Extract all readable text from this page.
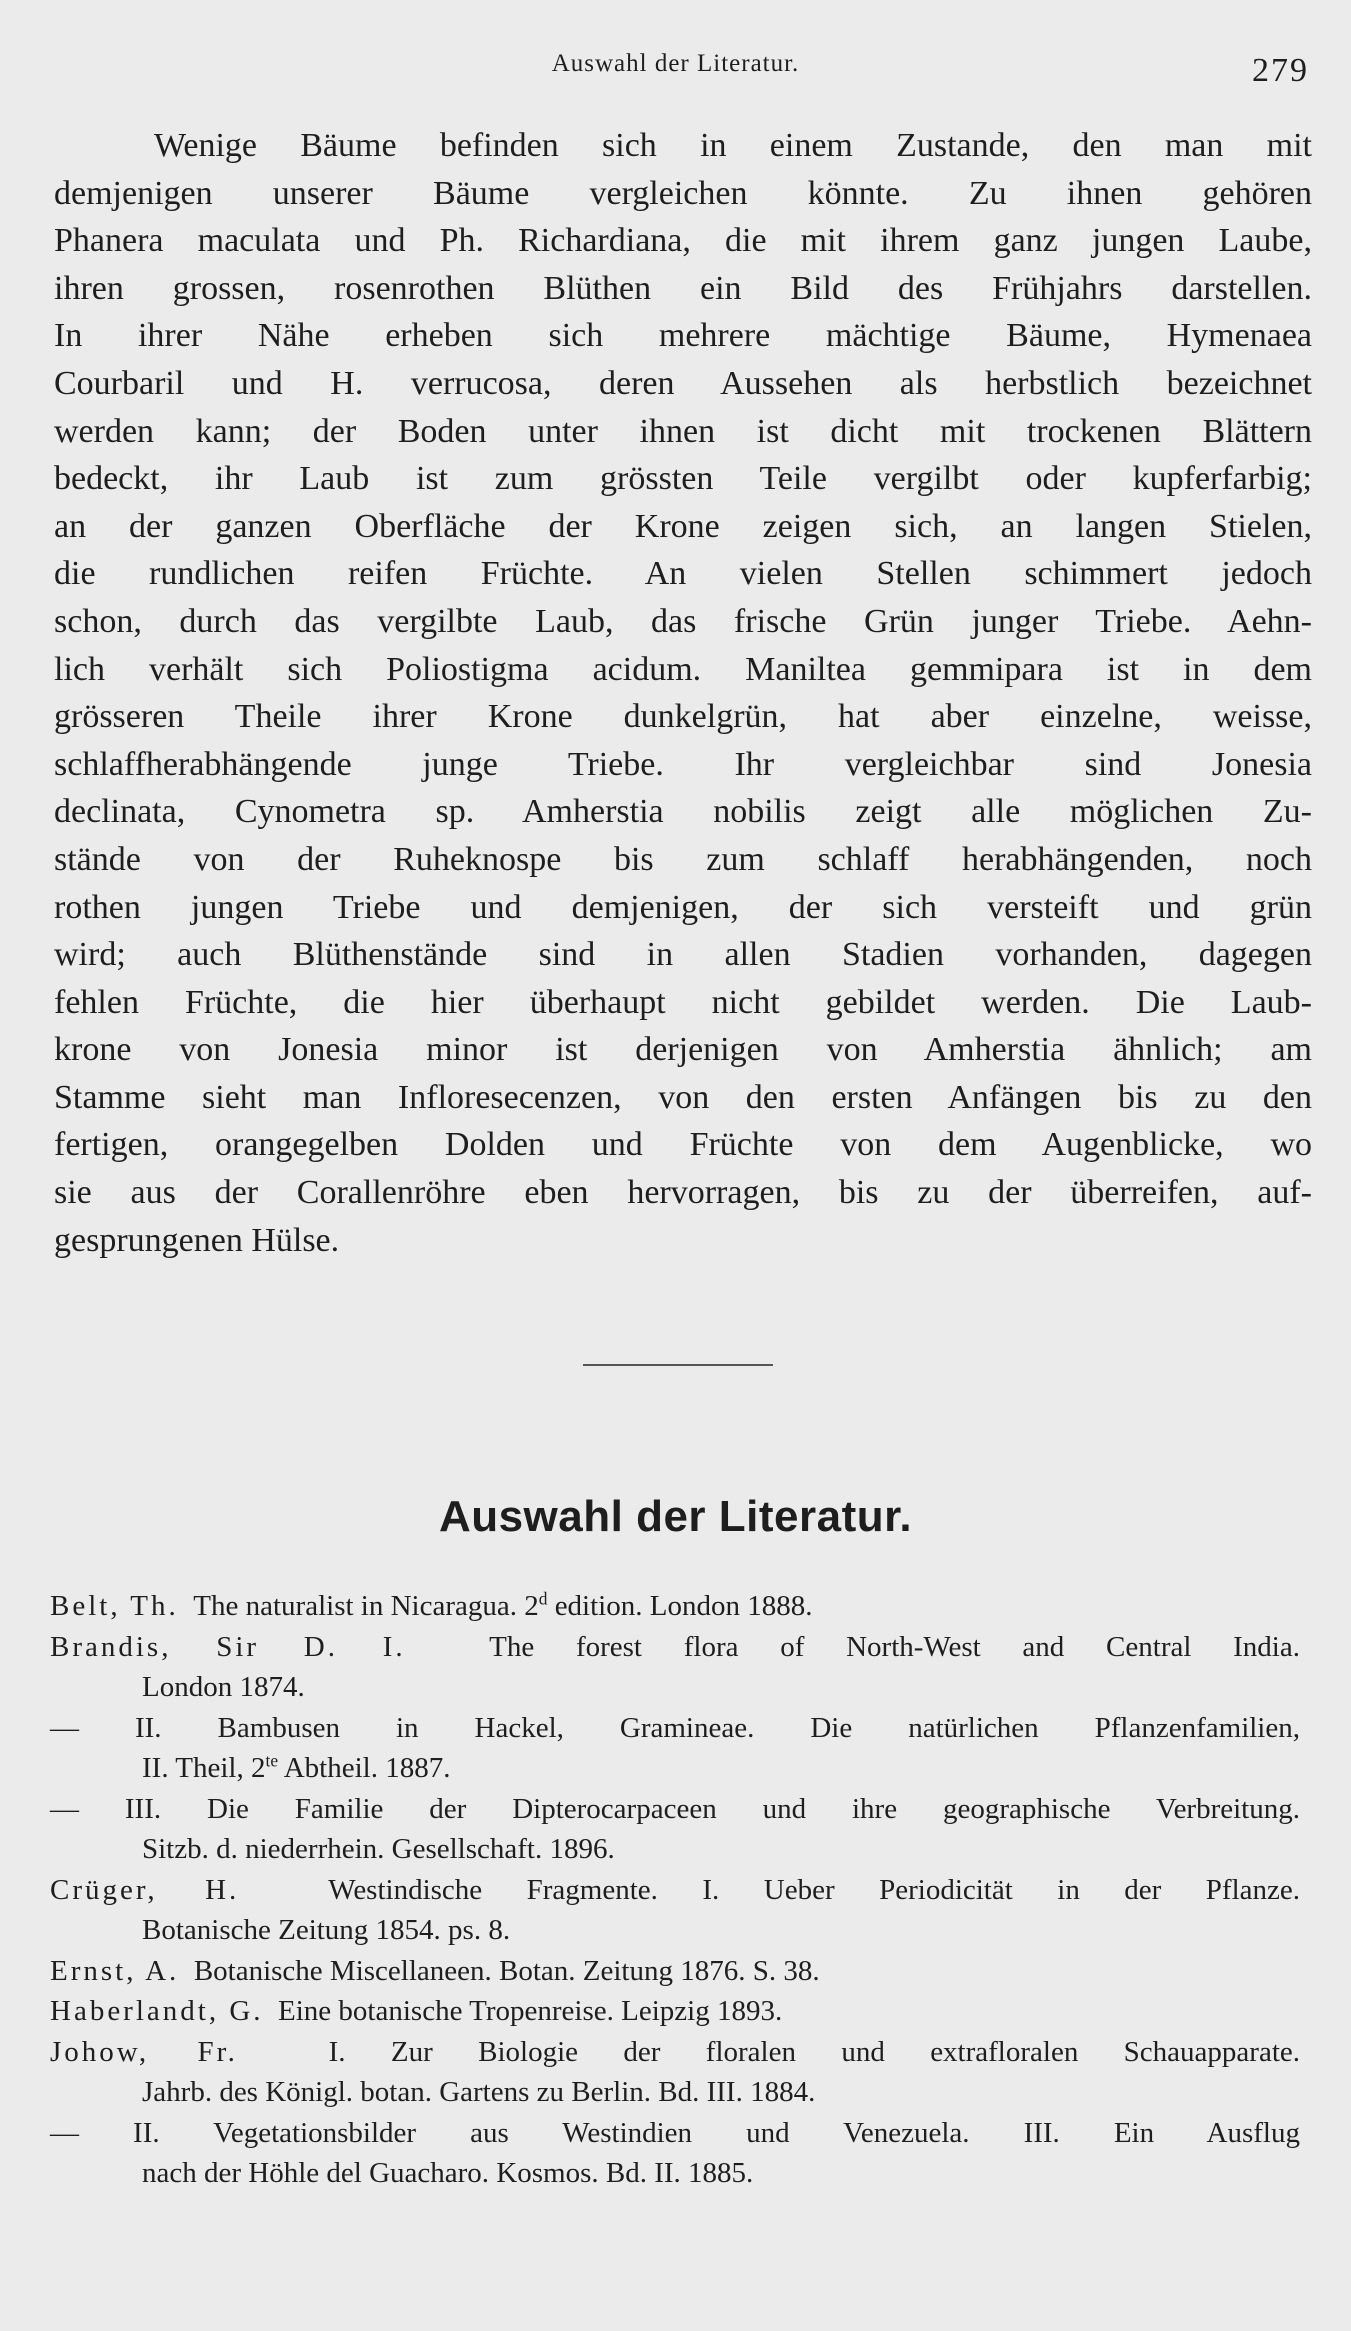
Auswahl der Literatur.	279
Wenige Bäume befinden sich in einem Zustande, den man mit
demjenigen unserer Bäume vergleichen könnte. Zu ihnen gehören
Phanera maculata und Ph. Richardiana, die mit ihrem ganz jungen Laube,
ihren grossen, rosenrothen Blüthen ein Bild des Frühjahrs darstellen.
In ihrer Nähe erheben sich mehrere mächtige Bäume, Hymenaea
Courbaril und H. verrucosa, deren Aussehen als herbstlich bezeichnet
werden kann; der Boden unter ihnen ist dicht mit trockenen Blättern
bedeckt, ihr Laub ist zum grössten Teile vergilbt oder kupferfarbig;
an der ganzen Oberfläche der Krone zeigen sich, an langen Stielen,
die rundlichen reifen Früchte. An vielen Stellen schimmert jedoch
schon, durch das vergilbte Laub, das frische Grün junger Triebe. Aehn-
lich verhält sich Poliostigma acidum. Maniltea gemmipara ist in dem
grösseren Theile ihrer Krone dunkelgrün, hat aber einzelne, weisse,
schlaffherabhängende junge Triebe. Ihr vergleichbar sind Jonesia
declinata, Cynometra sp. Amherstia nobilis zeigt alle möglichen Zu-
stände von der Ruheknospe bis zum schlaff herabhängenden, noch
rothen jungen Triebe und demjenigen, der sich versteift und grün
wird; auch Blüthenstände sind in allen Stadien vorhanden, dagegen
fehlen Früchte, die hier überhaupt nicht gebildet werden. Die Laub-
krone von Jonesia minor ist derjenigen von Amherstia ähnlich; am
Stamme sieht man Infloresecenzen, von den ersten Anfängen bis zu den
fertigen, orangegelben Dolden und Früchte von dem Augenblicke, wo
sie aus der Corallenröhre eben hervorragen, bis zu der überreifen, auf-
gesprungenen Hülse.
Auswahl der Literatur.
Belt, Th. The naturalist in Nicaragua. 2$^d$ edition. London 1888.
Brandis, Sir D. I.	The forest flora of North-West and Central India.
London 1874.
— II. Bambusen in Hackel, Gramineae. Die natürlichen Pflanzenfamilien,
II. Theil, $2^{te}$ Abtheil. 1887.
— III. Die Familie der Dipterocarpaceen und ihre geographische Verbreitung.
Sitzb. d. niederrhein. Gesellschaft. 1896.
Crüger, H.	Westindische Fragmente. I. Ueber Periodicität in der Pflanze.
Botanische Zeitung 1854. ps. 8.
Ernst, A. Botanische Miscellaneen. Botan. Zeitung 1876. S. 38.
Haberlandt, G. Eine botanische Tropenreise. Leipzig 1893.
Johow, Fr.	I. Zur Biologie der floralen und extrafloralen Schauapparate.
Jahrb. des Königl. botan. Gartens zu Berlin. Bd. III. 1884.
— II. Vegetationsbilder aus Westindien und Venezuela. III. Ein Ausflug
nach der Höhle del Guacharo. Kosmos. Bd. II. 1885.
